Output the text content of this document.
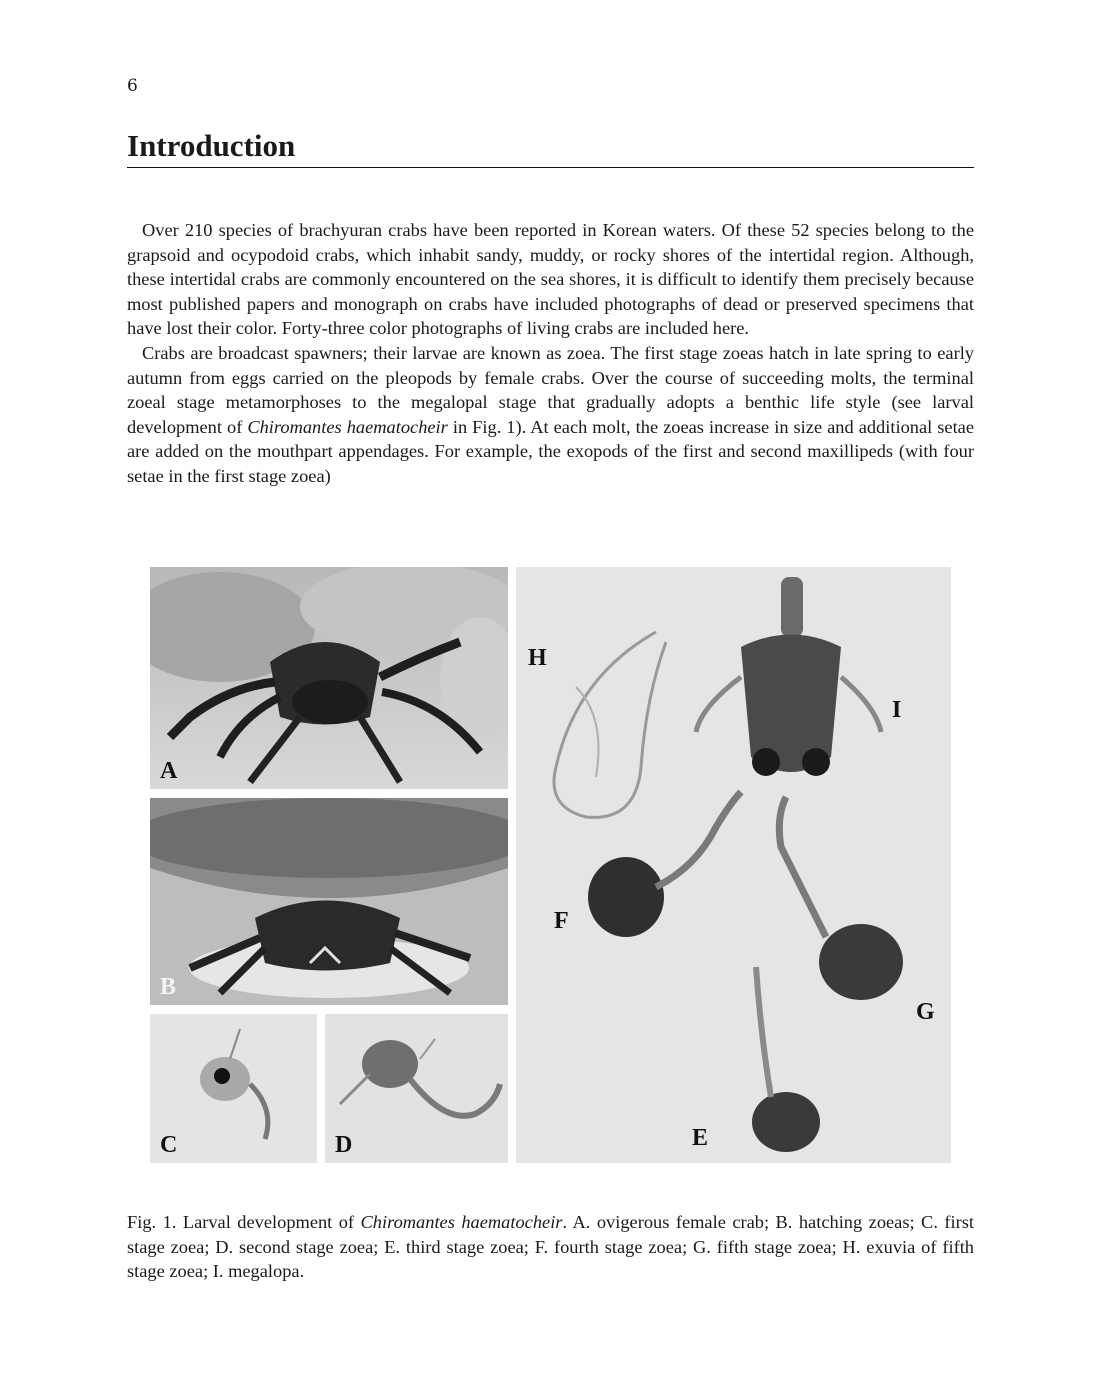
6
Introduction

Over 210 species of brachyuran crabs have been reported in Korean waters. Of these 52 species belong to the grapsoid and ocypodoid crabs, which inhabit sandy, muddy, or rocky shores of the intertidal region. Although, these intertidal crabs are commonly encountered on the sea shores, it is difficult to identify them precisely because most published papers and monograph on crabs have included photographs of dead or preserved specimens that have lost their color. Forty-three color photographs of living crabs are included here.

Crabs are broadcast spawners; their larvae are known as zoea. The first stage zoeas hatch in late spring to early autumn from eggs carried on the pleopods by female crabs. Over the course of succeeding molts, the terminal zoeal stage metamorphoses to the megalopal stage that gradually adopts a benthic life style (see larval development of Chiromantes haematocheir in Fig. 1). At each molt, the zoeas increase in size and additional setae are added on the mouthpart appendages. For example, the exopods of the first and second maxillipeds (with four setae in the first stage zoea)

A
B
C	D
H
I
F
G
E

Fig. 1. Larval development of Chiromantes haematocheir. A. ovigerous female crab; B. hatching zoeas; C. first stage zoea; D. second stage zoea; E. third stage zoea; F. fourth stage zoea; G. fifth stage zoea; H. exuvia of fifth stage zoea; I. megalopa.
